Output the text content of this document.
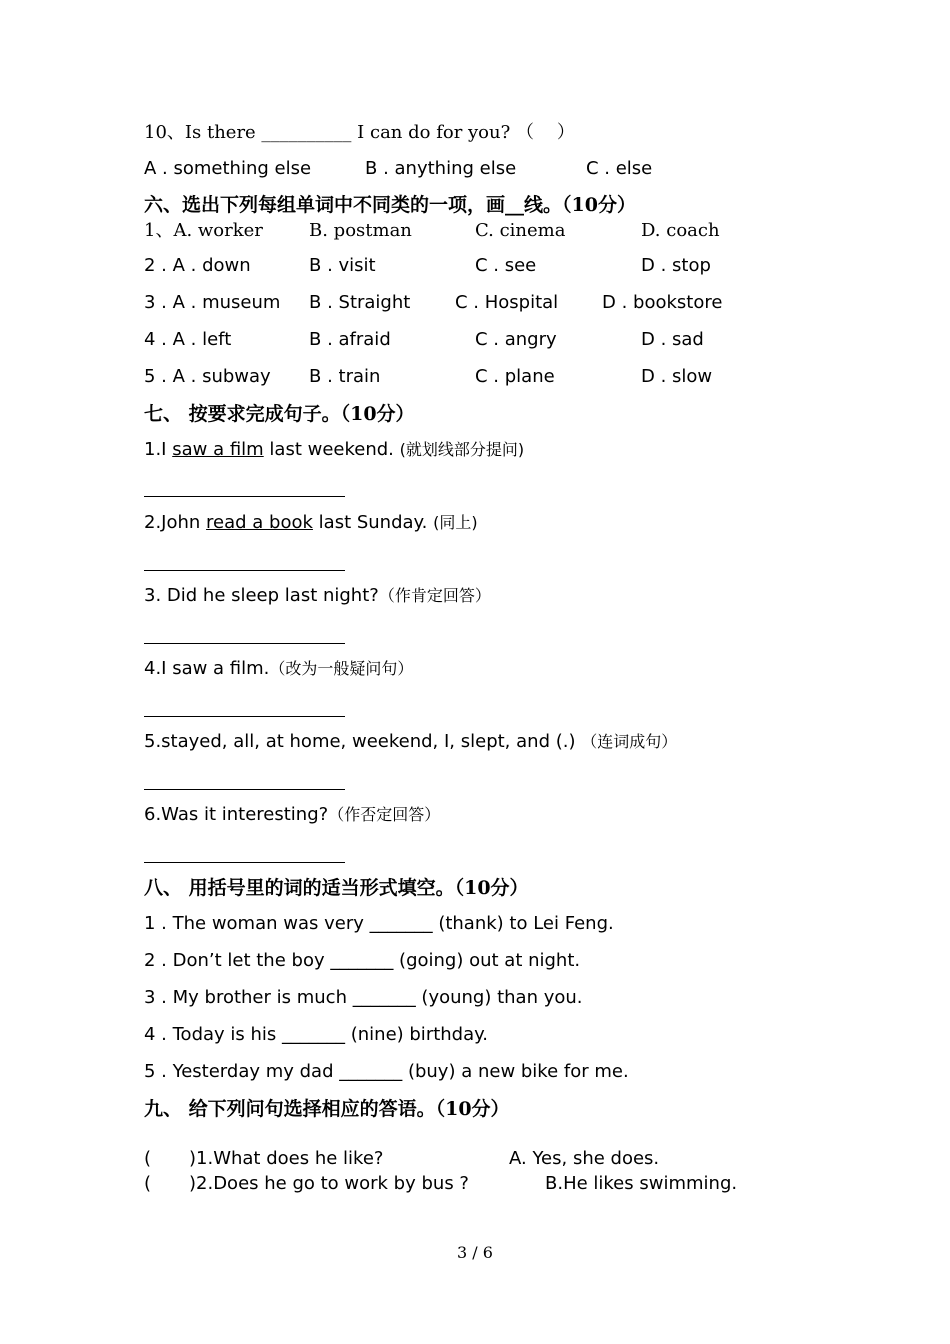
10、Is there __________ I can do for you? （    ）
A . something else	B . anything else	C . else
六、选出下列每组单词中不同类的一项，画__线。（10分）
1、A. worker	B. postman	C. cinema	D. coach
2 . A . down	B . visit	C . see	D . stop
3 . A . museum B . Straight C . Hospital D . bookstore
4 . A . left	B . afraid	C . angry	D . sad
5 . A . subway B . train	C . plane	D . slow
七、 按要求完成句子。（10分）
1.I saw a film last weekend. (就划线部分提问)
2.John read a book last Sunday. (同上)
3. Did he sleep last night?（作肯定回答）
4.I saw a film.（改为一般疑问句）
5.stayed, all, at home, weekend, I, slept, and (.) （连词成句）
6.Was it interesting?（作否定回答）
八、 用括号里的词的适当形式填空。（10分）
1 . The woman was very _______ (thank) to Lei Feng.
2 . Don’t let the boy _______ (going) out at night.
3 . My brother is much _______ (young) than you.
4 . Today is his _______ (nine) birthday.
5 . Yesterday my dad _______ (buy) a new bike for me.
九、 给下列问句选择相应的答语。（10分）
( )1.What does he like?	A. Yes, she does.
( )2.Does he go to work by bus ?	B.He likes swimming.
3 / 6
